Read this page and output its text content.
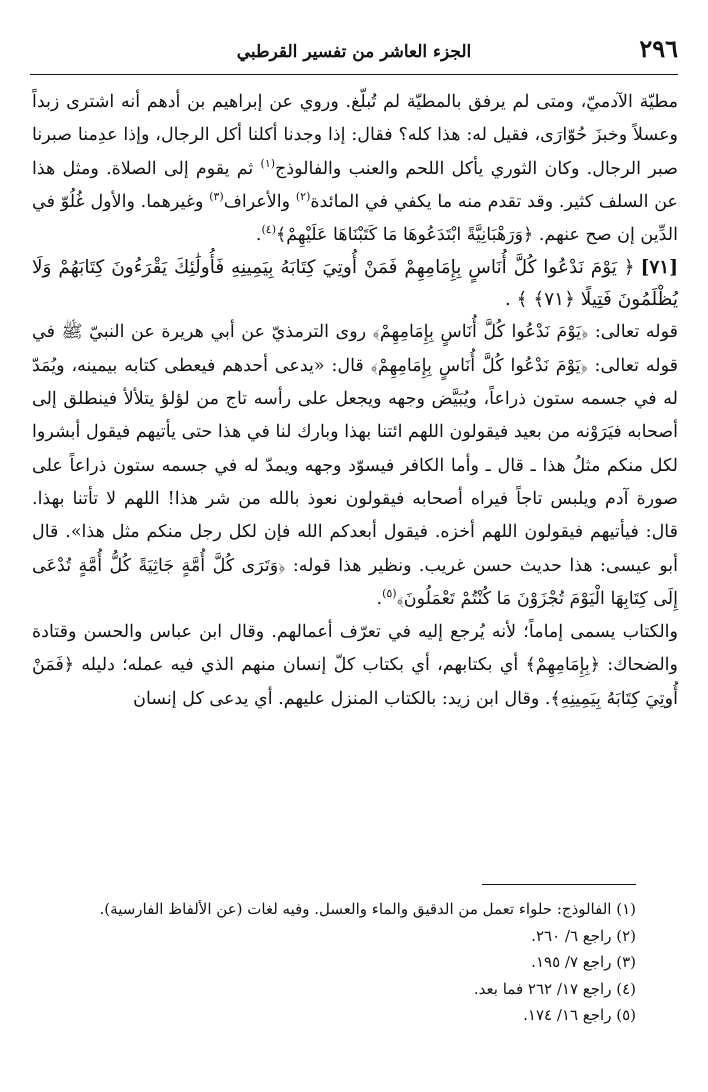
٢٩٦
الجزء العاشر من تفسير القرطبي

مطيّة الآدميّ، ومتى لم يرفق بالمطيّة لم تُبلّغ. وروي عن إبراهيم بن أدهم أنه اشترى زبداً وعسلاً وخبزَ حُوّارَى، فقيل له: هذا كله؟ فقال: إذا وجدنا أكلنا أكل الرجال، وإذا عدِمنا صبرنا صبر الرجال. وكان الثوري يأكل اللحم والعنب والفالوذج$^{(١)}$ ثم يقوم إلى الصلاة. ومثل هذا عن السلف كثير. وقد تقدم منه ما يكفي في المائدة$^{(٢)}$ والأعراف$^{(٣)}$ وغيرهما. والأول غُلُوّ في الدِّين إن صح عنهم. ﴿وَرَهْبَانِيَّةً ابْتَدَعُوهَا مَا كَتَبْنَاهَا عَلَيْهِمْ﴾$^{(٤)}$.

[٧١]﴿ يَوْمَ نَدْعُوا كُلَّ أُنَاسٍ بِإِمَامِهِمْ فَمَنْ أُوتِيَ كِتَابَهُ بِيَمِينِهِ فَأُولَٰئِكَ يَقْرَءُونَ كِتَابَهُمْ وَلَا يُظْلَمُونَ فَتِيلًا ﴿٧١﴾ ﴾ .

قوله تعالى: ﴿يَوْمَ نَدْعُوا كُلَّ أُنَاسٍ بِإِمَامِهِمْ﴾ روى الترمذيّ عن أبي هريرة عن النبيّ ﷺ في قوله تعالى: ﴿يَوْمَ نَدْعُوا كُلَّ أُنَاسٍ بِإِمَامِهِمْ﴾ قال: «يدعى أحدهم فيعطى كتابه بيمينه، ويُمَدّ له في جسمه ستون ذراعاً، ويُبَيَّض وجهه ويجعل على رأسه تاج من لؤلؤ يتلألأ فينطلق إلى أصحابه فيَرَوْنه من بعيد فيقولون اللهم ائتنا بهذا وبارك لنا في هذا حتى يأتيهم فيقول أبشروا لكل منكم مثلُ هذا ـ قال ـ وأما الكافر فيسوّد وجهه ويمدّ له في جسمه ستون ذراعاً على صورة آدم ويلبس تاجاً فيراه أصحابه فيقولون نعوذ بالله من شر هذا! اللهم لا تأتنا بهذا. قال: فيأتيهم فيقولون اللهم أخزه. فيقول أبعدكم الله فإن لكل رجل منكم مثل هذا». قال أبو عيسى: هذا حديث حسن غريب. ونظير هذا قوله: ﴿وَتَرَى كُلَّ أُمَّةٍ جَاثِيَةً كُلُّ أُمَّةٍ تُدْعَى إِلَى كِتَابِهَا الْيَوْمَ تُجْزَوْنَ مَا كُنْتُمْ تَعْمَلُونَ﴾$^{(٥)}$.

والكتاب يسمى إماماً؛ لأنه يُرجع إليه في تعرّف أعمالهم. وقال ابن عباس والحسن وقتادة والضحاك: ﴿بِإِمَامِهِمْ﴾ أي بكتابهم، أي بكتاب كلّ إنسان منهم الذي فيه عمله؛ دليله ﴿فَمَنْ أُوتِيَ كِتَابَهُ بِيَمِينِهِ﴾. وقال ابن زيد: بالكتاب المنزل عليهم. أي يدعى كل إنسان

(١) الفالوذج: حلواء تعمل من الدقيق والماء والعسل. وفيه لغات (عن الألفاظ الفارسية).
(٢) راجع ٦/ ٢٦٠.
(٣) راجع ٧/ ١٩٥.
(٤) راجع ١٧/ ٢٦٢ فما بعد.
(٥) راجع ١٦/ ١٧٤.
